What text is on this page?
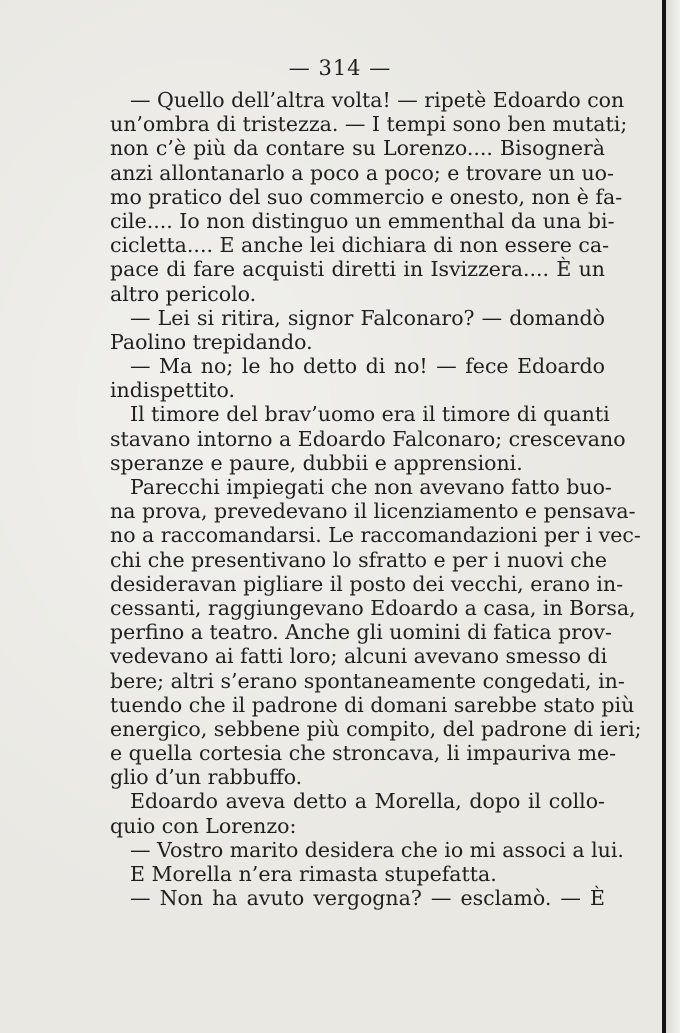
— 314 —
— Quello dell’altra volta! — ripetè Edoardo con
un’ombra di tristezza. — I tempi sono ben mutati;
non c’è più da contare su Lorenzo.... Bisognerà
anzi allontanarlo a poco a poco; e trovare un uo-
mo pratico del suo commercio e onesto, non è fa-
cile.... Io non distinguo un emmenthal da una bi-
cicletta.... E anche lei dichiara di non essere ca-
pace di fare acquisti diretti in Isvizzera.... È un
altro pericolo.
— Lei si ritira, signor Falconaro? — domandò
Paolino trepidando.
— Ma no; le ho detto di no! — fece Edoardo
indispettito.
Il timore del brav’uomo era il timore di quanti
stavano intorno a Edoardo Falconaro; crescevano
speranze e paure, dubbii e apprensioni.
Parecchi impiegati che non avevano fatto buo-
na prova, prevedevano il licenziamento e pensava-
no a raccomandarsi. Le raccomandazioni per i vec-
chi che presentivano lo sfratto e per i nuovi che
desideravan pigliare il posto dei vecchi, erano in-
cessanti, raggiungevano Edoardo a casa, in Borsa,
perfino a teatro. Anche gli uomini di fatica prov-
vedevano ai fatti loro; alcuni avevano smesso di
bere; altri s’erano spontaneamente congedati, in-
tuendo che il padrone di domani sarebbe stato più
energico, sebbene più compito, del padrone di ieri;
e quella cortesia che stroncava, li impauriva me-
glio d’un rabbuffo.
Edoardo aveva detto a Morella, dopo il collo-
quio con Lorenzo:
— Vostro marito desidera che io mi associ a lui.
E Morella n’era rimasta stupefatta.
— Non ha avuto vergogna? — esclamò. — È
